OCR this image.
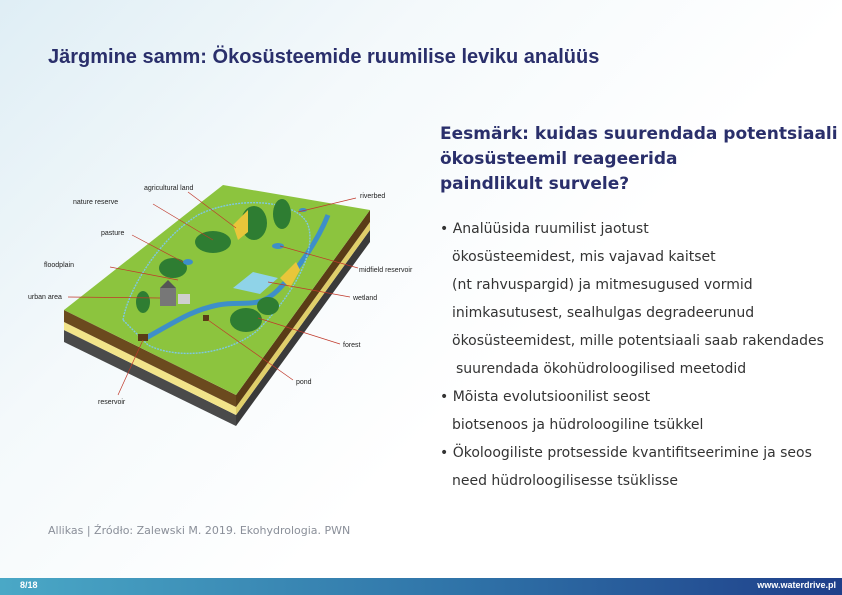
Järgmine samm: Ökosüsteemide ruumilise leviku analüüs
agricultural land
nature reserve
riverbed
pasture
floodplain
midfield reservoir
urban area	wetland
forest
pond
reservoir
Eesmärk: kuidas suurendada potentsiaali
ökosüsteemil reageerida
paindlikult survele?
• Analüüsida ruumilist jaotust
ökosüsteemidest, mis vajavad kaitset
(nt rahvuspargid) ja mitmesugused vormid
inimkasutusest, sealhulgas degradeerunud
ökosüsteemidest, mille potentsiaali saab rakendades
suurendada ökohüdroloogilised meetodid
• Mõista evolutsioonilist seost
biotsenoos ja hüdroloogiline tsükkel
• Ökoloogiliste protsesside kvantifitseerimine ja seos
need hüdroloogilisesse tsüklisse
Allikas | Źródło: Zalewski M. 2019. Ekohydrologia. PWN
8/18	www.waterdrive.pl
